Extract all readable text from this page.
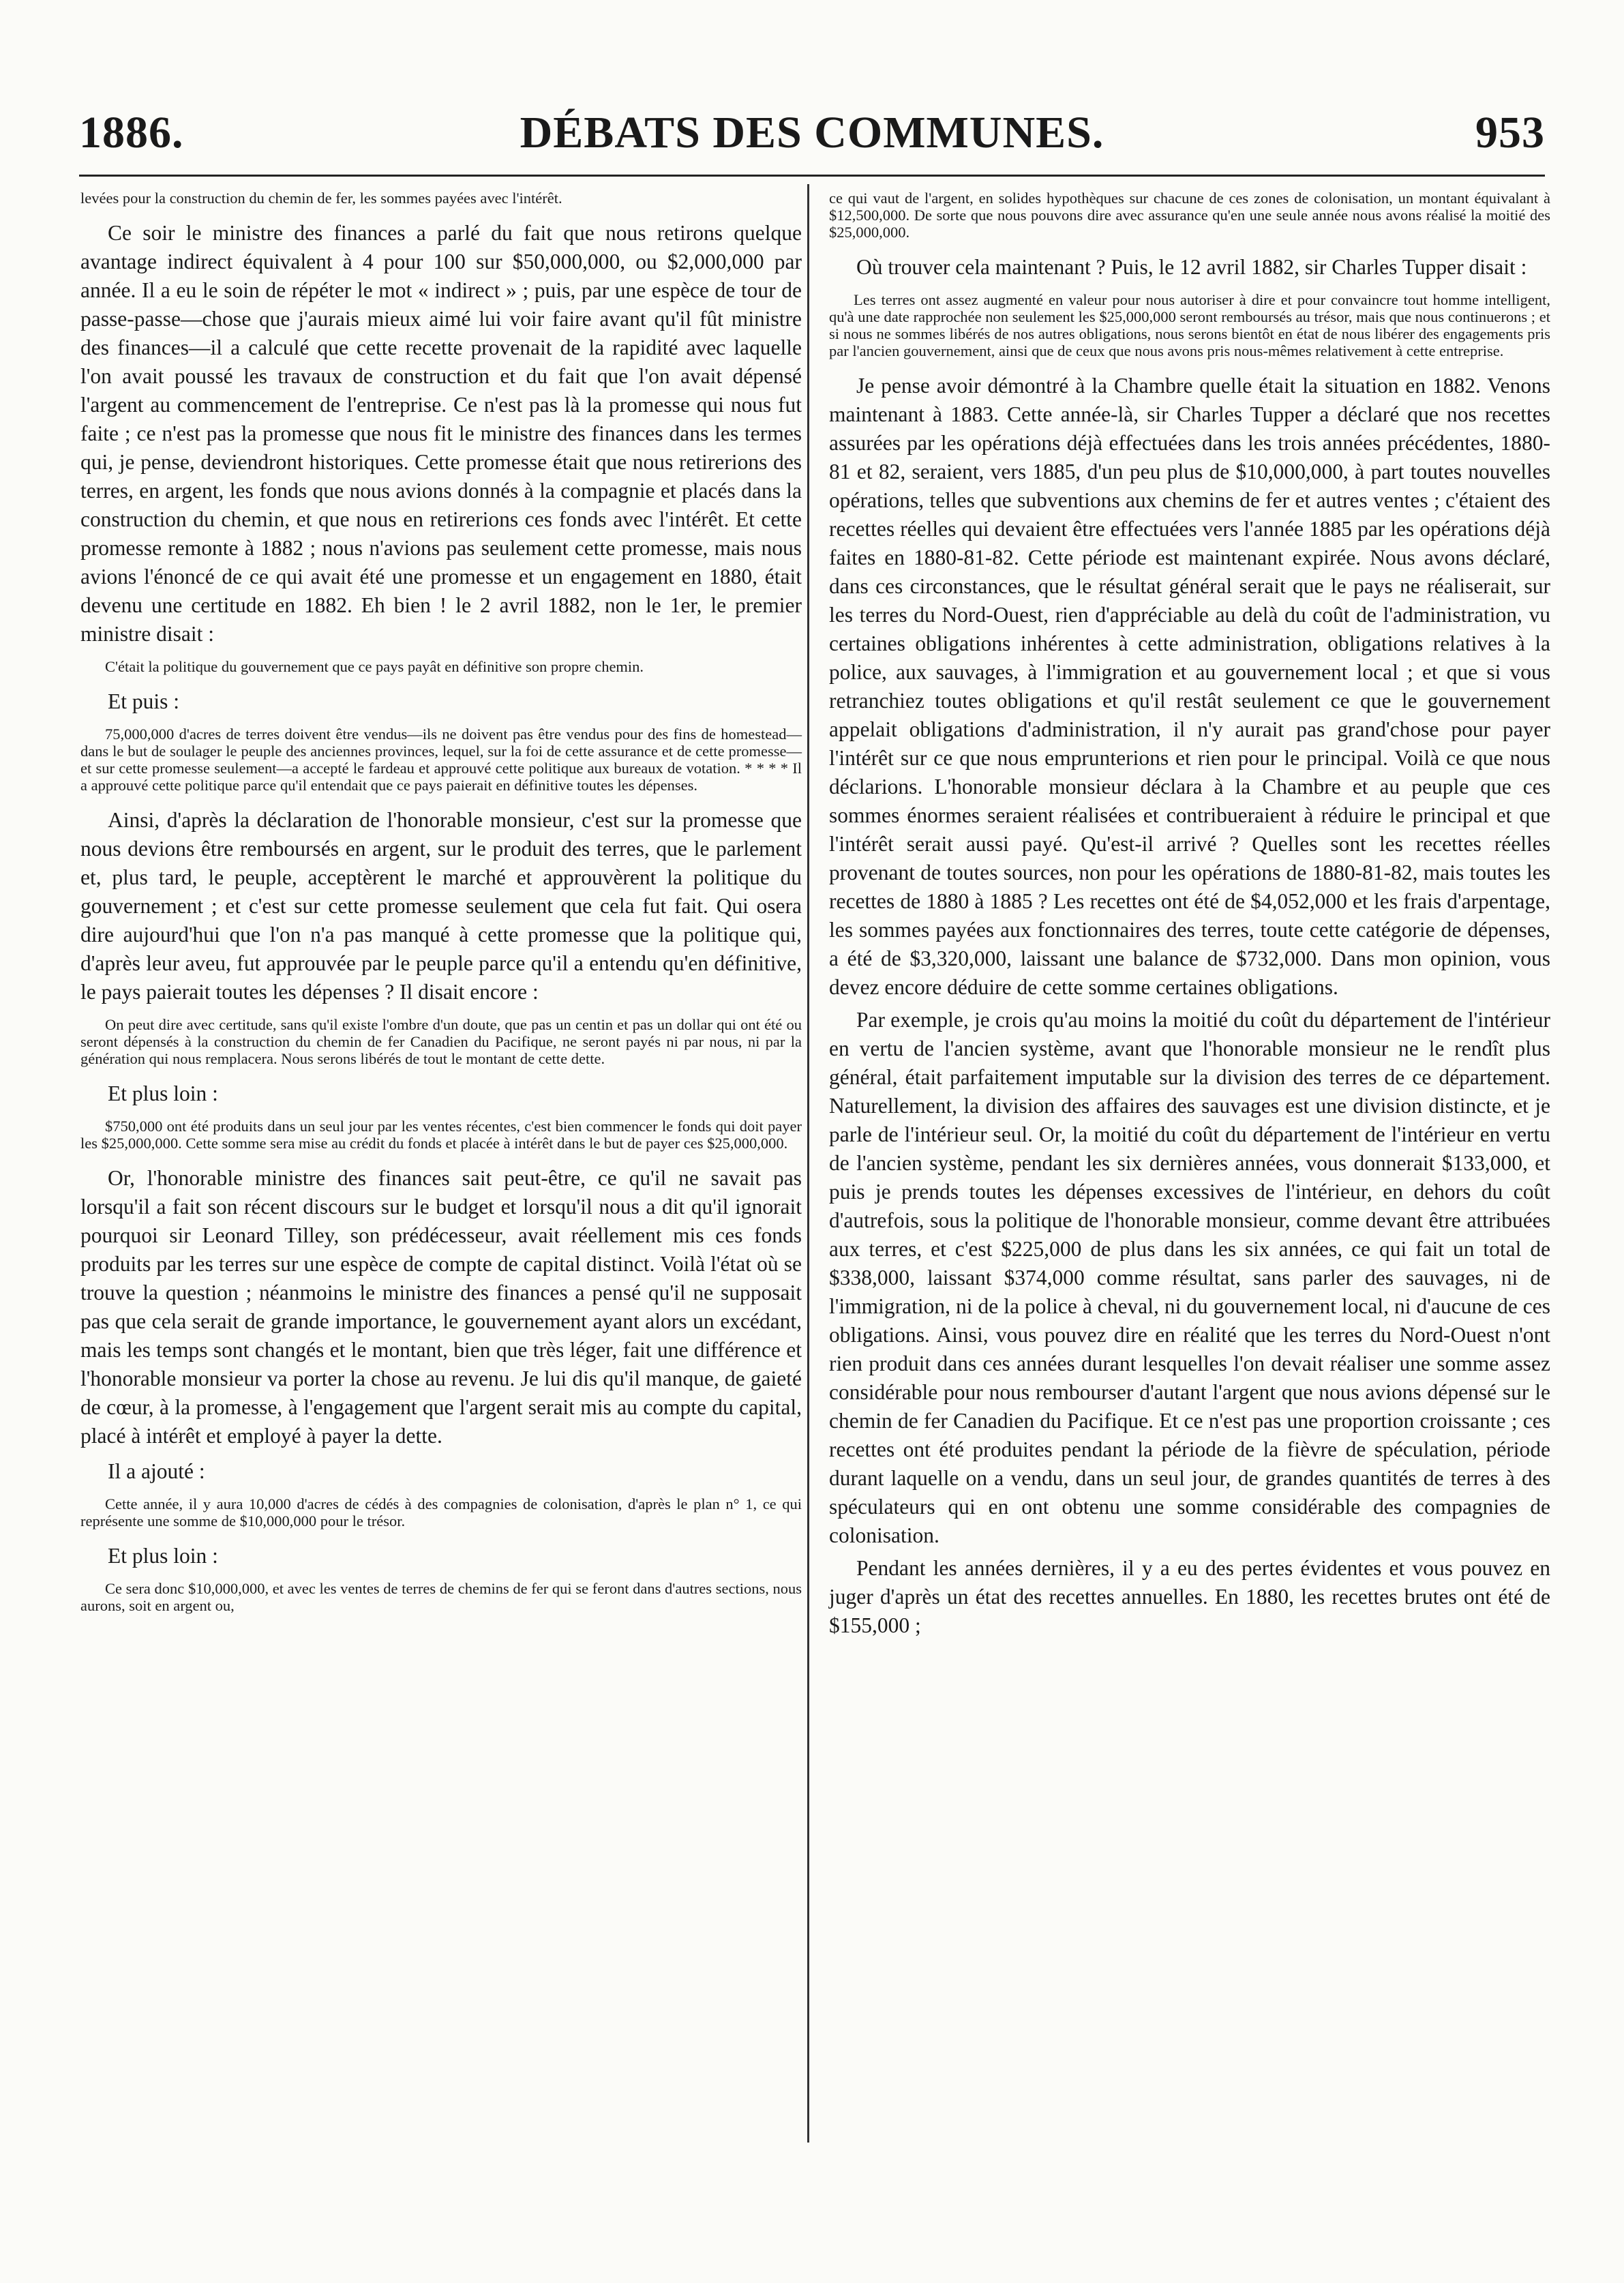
1886.	DÉBATS DES COMMUNES.	953

levées pour la construction du chemin de fer, les sommes payées avec l'intérêt.

Ce soir le ministre des finances a parlé du fait que nous retirons quelque avantage indirect équivalent à 4 pour 100 sur $50,000,000, ou $2,000,000 par année. Il a eu le soin de répéter le mot « indirect » ; puis, par une espèce de tour de passe-passe—chose que j'aurais mieux aimé lui voir faire avant qu'il fût ministre des finances—il a calculé que cette recette provenait de la rapidité avec laquelle l'on avait poussé les travaux de construction et du fait que l'on avait dépensé l'argent au commencement de l'entreprise. Ce n'est pas là la promesse qui nous fut faite ; ce n'est pas la promesse que nous fit le ministre des finances dans les termes qui, je pense, deviendront historiques. Cette promesse était que nous retirerions des terres, en argent, les fonds que nous avions donnés à la compagnie et placés dans la construction du chemin, et que nous en retirerions ces fonds avec l'intérêt. Et cette promesse remonte à 1882 ; nous n'avions pas seulement cette promesse, mais nous avions l'énoncé de ce qui avait été une promesse et un engagement en 1880, était devenu une certitude en 1882. Eh bien ! le 2 avril 1882, non le 1er, le premier ministre disait :

C'était la politique du gouvernement que ce pays payât en définitive son propre chemin.

Et puis :

75,000,000 d'acres de terres doivent être vendus—ils ne doivent pas être vendus pour des fins de homestead—dans le but de soulager le peuple des anciennes provinces, lequel, sur la foi de cette assurance et de cette promesse—et sur cette promesse seulement—a accepté le fardeau et approuvé cette politique aux bureaux de votation. * * * * Il a approuvé cette politique parce qu'il entendait que ce pays paierait en définitive toutes les dépenses.

Ainsi, d'après la déclaration de l'honorable monsieur, c'est sur la promesse que nous devions être remboursés en argent, sur le produit des terres, que le parlement et, plus tard, le peuple, acceptèrent le marché et approuvèrent la politique du gouvernement ; et c'est sur cette promesse seulement que cela fut fait. Qui osera dire aujourd'hui que l'on n'a pas manqué à cette promesse que la politique qui, d'après leur aveu, fut approuvée par le peuple parce qu'il a entendu qu'en définitive, le pays paierait toutes les dépenses ? Il disait encore :

On peut dire avec certitude, sans qu'il existe l'ombre d'un doute, que pas un centin et pas un dollar qui ont été ou seront dépensés à la construction du chemin de fer Canadien du Pacifique, ne seront payés ni par nous, ni par la génération qui nous remplacera. Nous serons libérés de tout le montant de cette dette.

Et plus loin :

$750,000 ont été produits dans un seul jour par les ventes récentes, c'est bien commencer le fonds qui doit payer les $25,000,000. Cette somme sera mise au crédit du fonds et placée à intérêt dans le but de payer ces $25,000,000.

Or, l'honorable ministre des finances sait peut-être, ce qu'il ne savait pas lorsqu'il a fait son récent discours sur le budget et lorsqu'il nous a dit qu'il ignorait pourquoi sir Leonard Tilley, son prédécesseur, avait réellement mis ces fonds produits par les terres sur une espèce de compte de capital distinct. Voilà l'état où se trouve la question ; néanmoins le ministre des finances a pensé qu'il ne supposait pas que cela serait de grande importance, le gouvernement ayant alors un excédant, mais les temps sont changés et le montant, bien que très léger, fait une différence et l'honorable monsieur va porter la chose au revenu. Je lui dis qu'il manque, de gaieté de cœur, à la promesse, à l'engagement que l'argent serait mis au compte du capital, placé à intérêt et employé à payer la dette.

Il a ajouté :

Cette année, il y aura 10,000 d'acres de cédés à des compagnies de colonisation, d'après le plan n° 1, ce qui représente une somme de $10,000,000 pour le trésor.

Et plus loin :

Ce sera donc $10,000,000, et avec les ventes de terres de chemins de fer qui se feront dans d'autres sections, nous aurons, soit en argent ou,

ce qui vaut de l'argent, en solides hypothèques sur chacune de ces zones de colonisation, un montant équivalant à $12,500,000. De sorte que nous pouvons dire avec assurance qu'en une seule année nous avons réalisé la moitié des $25,000,000.

Où trouver cela maintenant ? Puis, le 12 avril 1882, sir Charles Tupper disait :

Les terres ont assez augmenté en valeur pour nous autoriser à dire et pour convaincre tout homme intelligent, qu'à une date rapprochée non seulement les $25,000,000 seront remboursés au trésor, mais que nous continuerons ; et si nous ne sommes libérés de nos autres obligations, nous serons bientôt en état de nous libérer des engagements pris par l'ancien gouvernement, ainsi que de ceux que nous avons pris nous-mêmes relativement à cette entreprise.

Je pense avoir démontré à la Chambre quelle était la situation en 1882. Venons maintenant à 1883. Cette année-là, sir Charles Tupper a déclaré que nos recettes assurées par les opérations déjà effectuées dans les trois années précédentes, 1880-81 et 82, seraient, vers 1885, d'un peu plus de $10,000,000, à part toutes nouvelles opérations, telles que subventions aux chemins de fer et autres ventes ; c'étaient des recettes réelles qui devaient être effectuées vers l'année 1885 par les opérations déjà faites en 1880-81-82. Cette période est maintenant expirée. Nous avons déclaré, dans ces circonstances, que le résultat général serait que le pays ne réaliserait, sur les terres du Nord-Ouest, rien d'appréciable au delà du coût de l'administration, vu certaines obligations inhérentes à cette administration, obligations relatives à la police, aux sauvages, à l'immigration et au gouvernement local ; et que si vous retranchiez toutes obligations et qu'il restât seulement ce que le gouvernement appelait obligations d'administration, il n'y aurait pas grand'chose pour payer l'intérêt sur ce que nous emprunterions et rien pour le principal. Voilà ce que nous déclarions. L'honorable monsieur déclara à la Chambre et au peuple que ces sommes énormes seraient réalisées et contribueraient à réduire le principal et que l'intérêt serait aussi payé. Qu'est-il arrivé ? Quelles sont les recettes réelles provenant de toutes sources, non pour les opérations de 1880-81-82, mais toutes les recettes de 1880 à 1885 ? Les recettes ont été de $4,052,000 et les frais d'arpentage, les sommes payées aux fonctionnaires des terres, toute cette catégorie de dépenses, a été de $3,320,000, laissant une balance de $732,000. Dans mon opinion, vous devez encore déduire de cette somme certaines obligations.

Par exemple, je crois qu'au moins la moitié du coût du département de l'intérieur en vertu de l'ancien système, avant que l'honorable monsieur ne le rendît plus général, était parfaitement imputable sur la division des terres de ce département. Naturellement, la division des affaires des sauvages est une division distincte, et je parle de l'intérieur seul. Or, la moitié du coût du département de l'intérieur en vertu de l'ancien système, pendant les six dernières années, vous donnerait $133,000, et puis je prends toutes les dépenses excessives de l'intérieur, en dehors du coût d'autrefois, sous la politique de l'honorable monsieur, comme devant être attribuées aux terres, et c'est $225,000 de plus dans les six années, ce qui fait un total de $338,000, laissant $374,000 comme résultat, sans parler des sauvages, ni de l'immigration, ni de la police à cheval, ni du gouvernement local, ni d'aucune de ces obligations. Ainsi, vous pouvez dire en réalité que les terres du Nord-Ouest n'ont rien produit dans ces années durant lesquelles l'on devait réaliser une somme assez considérable pour nous rembourser d'autant l'argent que nous avions dépensé sur le chemin de fer Canadien du Pacifique. Et ce n'est pas une proportion croissante ; ces recettes ont été produites pendant la période de la fièvre de spéculation, période durant laquelle on a vendu, dans un seul jour, de grandes quantités de terres à des spéculateurs qui en ont obtenu une somme considérable des compagnies de colonisation.

Pendant les années dernières, il y a eu des pertes évidentes et vous pouvez en juger d'après un état des recettes annuelles. En 1880, les recettes brutes ont été de $155,000 ;
